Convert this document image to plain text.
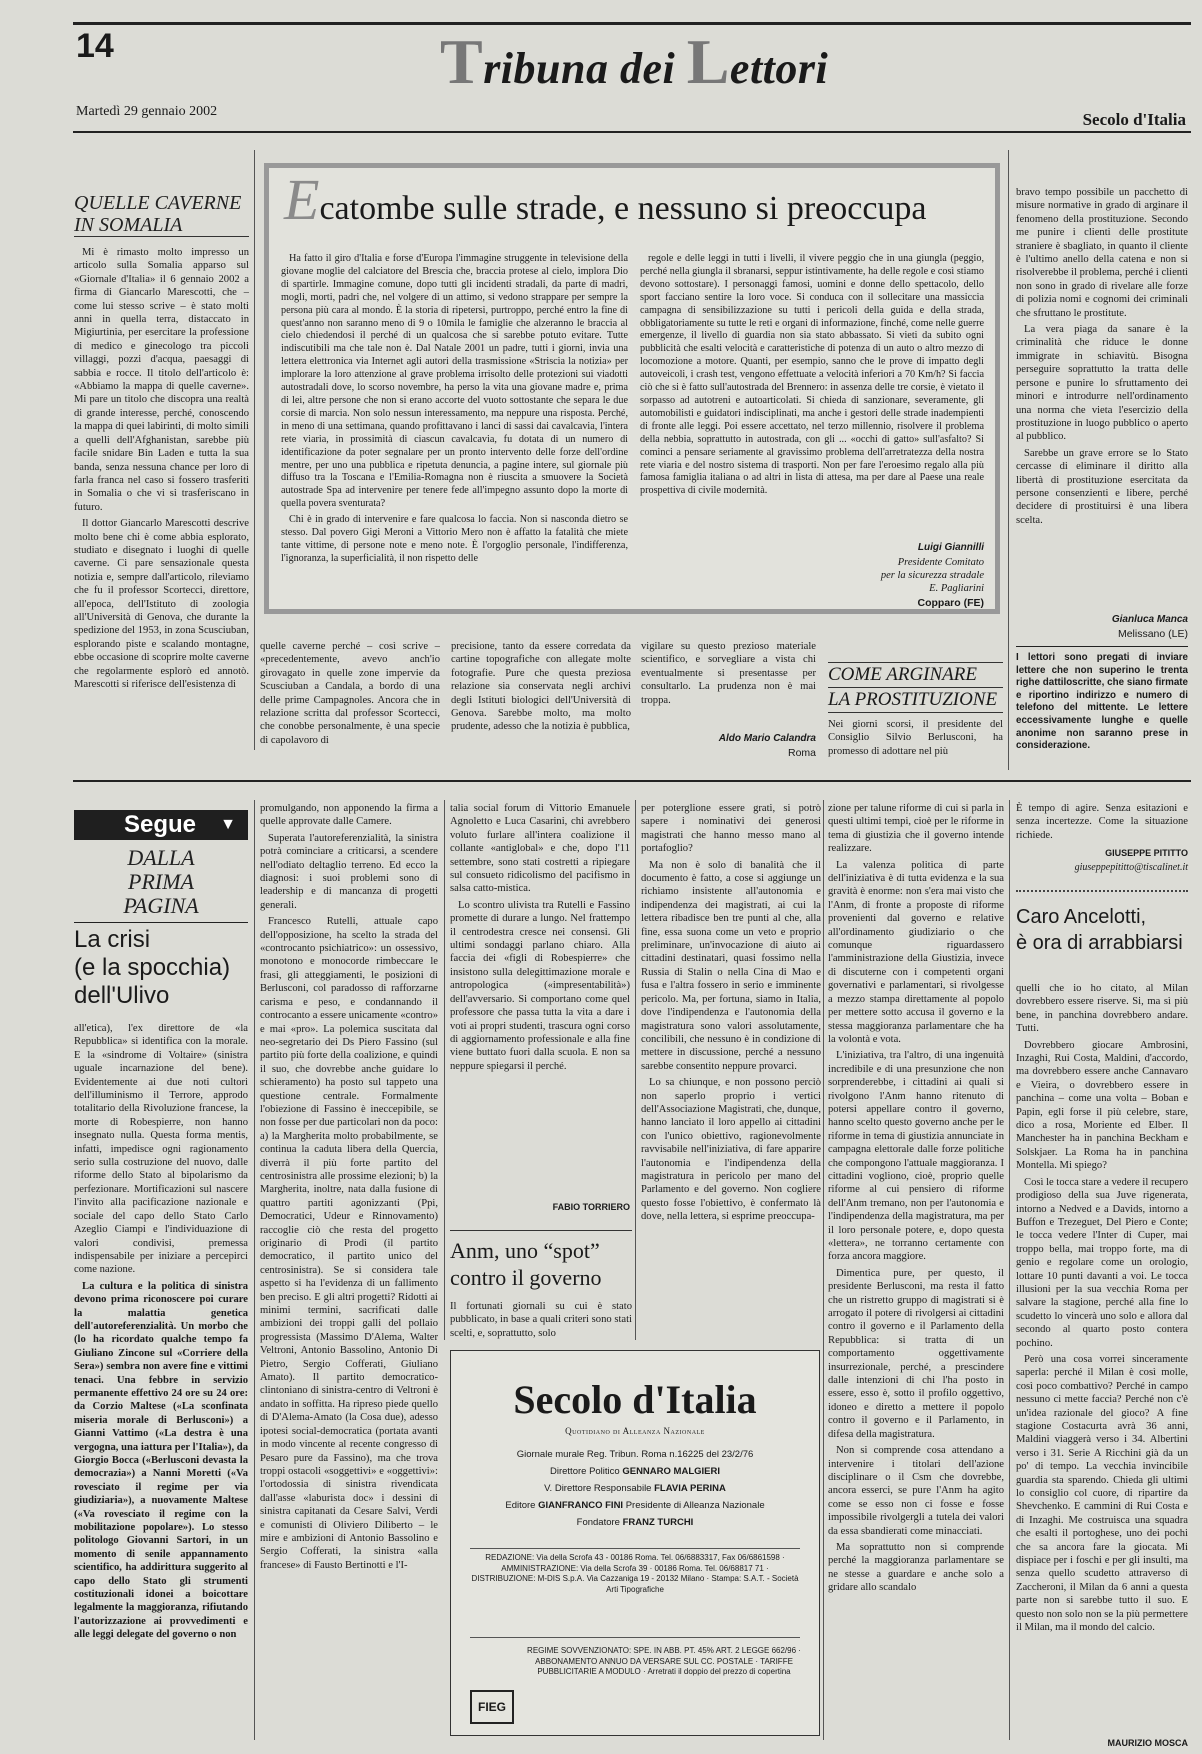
14	Tribuna dei Lettori
Martedì 29 gennaio 2002	Secolo d'Italia
QUELLE CAVERNE
IN SOMALIA

Mi è rimasto molto impresso un articolo sulla Somalia apparso sul «Giornale d'Italia» il 6 gennaio 2002 a firma di Giancarlo Marescotti, che – come lui stesso scrive – è stato molti anni in quella terra, distaccato in Migiurtinia, per esercitare la professione di medico e ginecologo tra piccoli villaggi, pozzi d'acqua, paesaggi di sabbia e rocce. Il titolo dell'articolo è: «Abbiamo la mappa di quelle caverne». Mi pare un titolo che discopra una realtà di grande interesse, perché, conoscendo la mappa di quei labirinti, di molto simili a quelli dell'Afghanistan, sarebbe più facile snidare Bin Laden e tutta la sua banda, senza nessuna chance per loro di farla franca nel caso si fossero trasferiti in Somalia o che vi si trasferiscano in futuro.

Il dottor Giancarlo Marescotti descrive molto bene chi è come abbia esplorato, studiato e disegnato i luoghi di quelle caverne. Ci pare sensazionale questa notizia e, sempre dall'articolo, rileviamo che fu il professor Scortecci, direttore, all'epoca, dell'Istituto di zoologia all'Università di Genova, che durante la spedizione del 1953, in zona Scusciuban, esplorando piste e scalando montagne, ebbe occasione di scoprire molte caverne che regolarmente esplorò ed annotò. Marescotti si riferisce dell'esistenza di

Ecatombe sulle strade, e nessuno si preoccupa

Ha fatto il giro d'Italia e forse d'Europa l'immagine struggente in televisione della giovane moglie del calciatore del Brescia che, braccia protese al cielo, implora Dio di spartirle. Immagine comune, dopo tutti gli incidenti stradali, da parte di madri, mogli, morti, padri che, nel volgere di un attimo, si vedono strappare per sempre la persona più cara al mondo. È la storia di ripetersi, purtroppo, perché entro la fine di quest'anno non saranno meno di 9 o 10mila le famiglie che alzeranno le braccia al cielo chiedendosi il perché di un qualcosa che si sarebbe potuto evitare. Tutte indiscutibili ma che tale non è. Dal Natale 2001 un padre, tutti i giorni, invia una lettera elettronica via Internet agli autori della trasmissione «Striscia la notizia» per implorare la loro attenzione al grave problema irrisolto delle protezioni sui viadotti autostradali dove, lo scorso novembre, ha perso la vita una giovane madre e, prima di lei, altre persone che non si erano accorte del vuoto sottostante che separa le due corsie di marcia. Non solo nessun interessamento, ma neppure una risposta. Perché, in meno di una settimana, quando profittavano i lanci di sassi dai cavalcavia, l'intera rete viaria, in prossimità di ciascun cavalcavia, fu dotata di un numero di identificazione da poter segnalare per un pronto intervento delle forze dell'ordine mentre, per uno una pubblica e ripetuta denuncia, a pagine intere, sul giornale più diffuso tra la Toscana e l'Emilia-Romagna non è riuscita a smuovere la Società autostrade Spa ad intervenire per tenere fede all'impegno assunto dopo la morte di quella povera sventurata?

Chi è in grado di intervenire e fare qualcosa lo faccia. Non si nasconda dietro se stesso. Dal povero Gigi Meroni a Vittorio Mero non è affatto la fatalità che miete tante vittime, di persone note e meno note. È l'orgoglio personale, l'indifferenza, l'ignoranza, la superficialità, il non rispetto delle

regole e delle leggi in tutti i livelli, il vivere peggio che in una giungla (peggio, perché nella giungla il sbranarsi, seppur istintivamente, ha delle regole e così stiamo devono sottostare). I personaggi famosi, uomini e donne dello spettacolo, dello sport facciano sentire la loro voce. Si conduca con il sollecitare una massiccia campagna di sensibilizzazione su tutti i pericoli della guida e della strada, obbligatoriamente su tutte le reti e organi di informazione, finché, come nelle guerre emergenze, il livello di guardia non sia stato abbassato. Si vieti da subito ogni pubblicità che esalti velocità e caratteristiche di potenza di un auto o altro mezzo di locomozione a motore. Quanti, per esempio, sanno che le prove di impatto degli autoveicoli, i crash test, vengono effettuate a velocità inferiori a 70 Km/h? Si faccia ciò che si è fatto sull'autostrada del Brennero: in assenza delle tre corsie, è vietato il sorpasso ad autotreni e autoarticolati. Si chieda di sanzionare, severamente, gli automobilisti e guidatori indisciplinati, ma anche i gestori delle strade inadempienti di fronte alle leggi. Poi essere accettato, nel terzo millennio, risolvere il problema della nebbia, soprattutto in autostrada, con gli ... «occhi di gatto» sull'asfalto? Si cominci a pensare seriamente al gravissimo problema dell'arretratezza della nostra rete viaria e del nostro sistema di trasporti. Non per fare l'eroesimo regalo alla più famosa famiglia italiana o ad altri in lista di attesa, ma per dare al Paese una reale prospettiva di civile modernità.

Luigi Giannilli
Presidente Comitato
per la sicurezza stradale
E. Pagliarini
Copparo (FE)

bravo tempo possibile un pacchetto di misure normative in grado di arginare il fenomeno della prostituzione. Secondo me punire i clienti delle prostitute straniere è sbagliato, in quanto il cliente è l'ultimo anello della catena e non si risolverebbe il problema, perché i clienti non sono in grado di rivelare alle forze di polizia nomi e cognomi dei criminali che sfruttano le prostitute.

La vera piaga da sanare è la criminalità che riduce le donne immigrate in schiavitù. Bisogna perseguire soprattutto la tratta delle persone e punire lo sfruttamento dei minori e introdurre nell'ordinamento una norma che vieta l'esercizio della prostituzione in luogo pubblico o aperto al pubblico.

Sarebbe un grave errore se lo Stato cercasse di eliminare il diritto alla libertà di prostituzione esercitata da persone consenzienti e libere, perché decidere di prostituirsi è una libera scelta.

Gianluca Manca
Melissano (LE)

I lettori sono pregati di inviare lettere che non superino le trenta righe dattiloscritte, che siano firmate e riportino indirizzo e numero di telefono del mittente. Le lettere eccessivamente lunghe e quelle anonime non saranno prese in considerazione.

quelle caverne perché – così scrive – «precedentemente, avevo anch'io girovagato in quelle zone impervie da Scusciuban a Candala, a bordo di una delle prime Campagnoles. Ancora che in relazione scritta dal professor Scortecci, che conobbe personalmente, è una specie di capolavoro di

precisione, tanto da essere corredata da cartine topografiche con allegate molte fotografie. Pure che questa preziosa relazione sia conservata negli archivi degli Istituti biologici dell'Università di Genova. Sarebbe molto, ma molto prudente, adesso che la notizia è pubblica,

vigilare su questo prezioso materiale scientifico, e sorvegliare a vista chi eventualmente si presentasse per consultarlo. La prudenza non è mai troppa.

Aldo Mario Calandra
Roma
COME ARGINARE
LA PROSTITUZIONE

Nei giorni scorsi, il presidente del Consiglio Silvio Berlusconi, ha promesso di adottare nel più

Segue ▼
DALLA
PRIMA
PAGINA
La crisi
(e la spocchia)
dell'Ulivo

all'etica), l'ex direttore de «la Repubblica» si identifica con la morale. E la «sindrome di Voltaire» (sinistra uguale incarnazione del bene). Evidentemente ai due noti cultori dell'illuminismo il Terrore, approdo totalitario della Rivoluzione francese, la morte di Robespierre, non hanno insegnato nulla. Questa forma mentis, infatti, impedisce ogni ragionamento serio sulla costruzione del nuovo, dalle riforme dello Stato al bipolarismo da perfezionare. Mortificazioni sul nascere l'invito alla pacificazione nazionale e sociale del capo dello Stato Carlo Azeglio Ciampi e l'individuazione di valori condivisi, premessa indispensabile per iniziare a percepirci come nazione.

La cultura e la politica di sinistra devono prima riconoscere poi curare la malattia genetica dell'autoreferenzialità. Un morbo che (lo ha ricordato qualche tempo fa Giuliano Zincone sul «Corriere della Sera») sembra non avere fine e vittimi tenaci. Una febbre in servizio permanente effettivo 24 ore su 24 ore: da Corzio Maltese («La sconfinata miseria morale di Berlusconi») a Gianni Vattimo («La destra è una vergogna, una iattura per l'Italia»), da Giorgio Bocca («Berlusconi devasta la democrazia») a Nanni Moretti («Va rovesciato il regime per via giudiziaria»), a nuovamente Maltese («Va rovesciato il regime con la mobilitazione popolare»). Lo stesso politologo Giovanni Sartori, in un momento di senile appannamento scientifico, ha addirittura suggerito al capo dello Stato gli strumenti costituzionali idonei a boicottare legalmente la maggioranza, rifiutando l'autorizzazione ai provvedimenti e alle leggi delegate del governo o non

promulgando, non apponendo la firma a quelle approvate dalle Camere.

Superata l'autoreferenzialità, la sinistra potrà cominciare a criticarsi, a scendere nell'odiato deltaglio terreno. Ed ecco la diagnosi: i suoi problemi sono di leadership e di mancanza di progetti generali.

Francesco Rutelli, attuale capo dell'opposizione, ha scelto la strada del «controcanto psichiatrico»: un ossessivo, monotono e monocorde rimbeccare le frasi, gli atteggiamenti, le posizioni di Berlusconi, col paradosso di rafforzarne carisma e peso, e condannando il controcanto a essere unicamente «contro» e mai «pro». La polemica suscitata dal neo-segretario dei Ds Piero Fassino (sul partito più forte della coalizione, e quindi il suo, che dovrebbe anche guidare lo schieramento) ha posto sul tappeto una questione centrale. Formalmente l'obiezione di Fassino è ineccepibile, se non fosse per due particolari non da poco: a) la Margherita molto probabilmente, se continua la caduta libera della Quercia, diverrà il più forte partito del centrosinistra alle prossime elezioni; b) la Margherita, inoltre, nata dalla fusione di quattro partiti agonizzanti (Ppi, Democratici, Udeur e Rinnovamento) raccoglie ciò che resta del progetto originario di Prodi (il partito democratico, il partito unico del centrosinistra). Se si considera tale aspetto si ha l'evidenza di un fallimento ben preciso. E gli altri progetti? Ridotti ai minimi termini, sacrificati dalle ambizioni dei troppi galli del pollaio progressista (Massimo D'Alema, Walter Veltroni, Antonio Bassolino, Antonio Di Pietro, Sergio Cofferati, Giuliano Amato). Il partito democratico-clintoniano di sinistra-centro di Veltroni è andato in soffitta. Ha ripreso piede quello di D'Alema-Amato (la Cosa due), adesso ipotesi social-democratica (portata avanti in modo vincente al recente congresso di Pesaro pure da Fassino), ma che trova troppi ostacoli «soggettivi» e «oggettivi»: l'ortodossia di sinistra rivendicata dall'asse «laburista doc» i dessini di sinistra capitanati da Cesare Salvi, Verdi e comunisti di Oliviero Diliberto – le mire e ambizioni di Antonio Bassolino e Sergio Cofferati, la sinistra «alla francese» di Fausto Bertinotti e l'I-

talia social forum di Vittorio Emanuele Agnoletto e Luca Casarini, chi avrebbero voluto furlare all'intera coalizione il collante «antiglobal» e che, dopo l'11 settembre, sono stati costretti a ripiegare sul consueto ridicolismo del pacifismo in salsa catto-mistica.

Lo scontro ulivista tra Rutelli e Fassino promette di durare a lungo. Nel frattempo il centrodestra cresce nei consensi. Gli ultimi sondaggi parlano chiaro. Alla faccia dei «figli di Robespierre» che insistono sulla delegittimazione morale e antropologica («impresentabilità») dell'avversario. Si comportano come quel professore che passa tutta la vita a dare i voti ai propri studenti, trascura ogni corso di aggiornamento professionale e alla fine viene buttato fuori dalla scuola. E non sa neppure spiegarsi il perché.

FABIO TORRIERO
Anm, uno “spot”
contro il governo

Il fortunati giornali su cui è stato pubblicato, in base a quali criteri sono stati scelti, e, soprattutto, solo

per poterglione essere grati, si potrò sapere i nominativi dei generosi magistrati che hanno messo mano al portafoglio?

Ma non è solo di banalità che il documento è fatto, a cose si aggiunge un richiamo insistente all'autonomia e indipendenza dei magistrati, ai cui la lettera ribadisce ben tre punti al che, alla fine, essa suona come un veto e proprio preliminare, un'invocazione di aiuto ai cittadini destinatari, quasi fossimo nella Russia di Stalin o nella Cina di Mao e fusa e l'altra fossero in serio e imminente pericolo. Ma, per fortuna, siamo in Italia, dove l'indipendenza e l'autonomia della magistratura sono valori assolutamente, concilibili, che nessuno è in condizione di mettere in discussione, perché a nessuno sarebbe consentito neppure provarci.

Lo sa chiunque, e non possono perciò non saperlo proprio i vertici dell'Associazione Magistrati, che, dunque, hanno lanciato il loro appello ai cittadini con l'unico obiettivo, ragionevolmente ravvisabile nell'iniziativa, di fare apparire l'autonomia e l'indipendenza della magistratura in pericolo per mano del Parlamento e del governo. Non cogliere questo fosse l'obiettivo, è confermato là dove, nella lettera, si esprime preoccupa-

zione per talune riforme di cui si parla in questi ultimi tempi, cioè per le riforme in tema di giustizia che il governo intende realizzare.

La valenza politica di parte dell'iniziativa è di tutta evidenza e la sua gravità è enorme: non s'era mai visto che l'Anm, di fronte a proposte di riforme provenienti dal governo e relative all'ordinamento giudiziario o che comunque riguardassero l'amministrazione della Giustizia, invece di discuterne con i competenti organi governativi e parlamentari, si rivolgesse a mezzo stampa direttamente al popolo per mettere sotto accusa il governo e la stessa maggioranza parlamentare che ha la volontà e vota.

L'iniziativa, tra l'altro, di una ingenuità incredibile e di una presunzione che non sorprenderebbe, i cittadini ai quali si rivolgono l'Anm hanno ritenuto di potersi appellare contro il governo, hanno scelto questo governo anche per le riforme in tema di giustizia annunciate in campagna elettorale dalle forze politiche che compongono l'attuale maggioranza. I cittadini vogliono, cioè, proprio quelle riforme al cui pensiero di riforme dell'Anm tremano, non per l'autonomia e l'indipendenza della magistratura, ma per il loro personale potere, e, dopo questa «lettera», ne torranno certamente con forza ancora maggiore.

Dimentica pure, per questo, il presidente Berlusconi, ma resta il fatto che un ristretto gruppo di magistrati si è arrogato il potere di rivolgersi ai cittadini contro il governo e il Parlamento della Repubblica: si tratta di un comportamento oggettivamente insurrezionale, perché, a prescindere dalle intenzioni di chi l'ha posto in essere, esso è, sotto il profilo oggettivo, idoneo e diretto a mettere il popolo contro il governo e il Parlamento, in difesa della magistratura.

Non si comprende cosa attendano a intervenire i titolari dell'azione disciplinare o il Csm che dovrebbe, ancora esserci, se pure l'Anm ha agito come se esso non ci fosse e fosse impossibile rivolgergli a tutela dei valori da essa sbandierati come minacciati.

Ma soprattutto non si comprende perché la maggioranza parlamentare se ne stesse a guardare e anche solo a gridare allo scandalo

Secolo d'Italia
Quotidiano di Alleanza Nazionale
Giornale murale Reg. Tribun. Roma n.16225 del 23/2/76
Direttore Politico GENNARO MALGIERI
V. Direttore Responsabile FLAVIA PERINA
Editore GIANFRANCO FINI Presidente di Alleanza Nazionale
Fondatore FRANZ TURCHI
REDAZIONE: Via della Scrofa 43 - 00186 Roma. Tel. 06/6883317, Fax 06/6861598 · AMMINISTRAZIONE: Via della Scrofa 39 · 00186 Roma. Tel. 06/68817 71 · DISTRIBUZIONE: M-DIS S.p.A. Via Cazzaniga 19 - 20132 Milano · Stampa: S.A.T. - Società Arti Tipografiche
FIEG
REGIME SOVVENZIONATO: SPE. IN ABB. PT. 45% ART. 2 LEGGE 662/96 · ABBONAMENTO ANNUO DA VERSARE SUL CC. POSTALE · TARIFFE PUBBLICITARIE A MODULO · Arretrati il doppio del prezzo di copertina

È tempo di agire. Senza esitazioni e senza incertezze. Come la situazione richiede.

GIUSEPPE PITITTO
giuseppepititto@tiscalinet.it
Caro Ancelotti,
è ora di arrabbiarsi

quelli che io ho citato, al Milan dovrebbero essere riserve. Si, ma sì più bene, in panchina dovrebbero andare. Tutti.

Dovrebbero giocare Ambrosini, Inzaghi, Rui Costa, Maldini, d'accordo, ma dovrebbero essere anche Cannavaro e Vieira, o dovrebbero essere in panchina – come una volta – Boban e Papin, egli forse il più celebre, stare, dico a rosa, Moriente ed Elber. Il Manchester ha in panchina Beckham e Solskjaer. La Roma ha in panchina Montella. Mi spiego?

Così le tocca stare a vedere il recupero prodigioso della sua Juve rigenerata, intorno a Nedved e a Davids, intorno a Buffon e Trezeguet, Del Piero e Conte; le tocca vedere l'Inter di Cuper, mai troppo bella, mai troppo forte, ma di genio e regolare come un orologio, lottare 10 punti davanti a voi. Le tocca illusioni per la sua vecchia Roma per salvare la stagione, perché alla fine lo scudetto lo vincerà uno solo e allora dal secondo al quarto posto contera pochino.

Però una cosa vorrei sinceramente saperla: perché il Milan è così molle, così poco combattivo? Perché in campo nessuno ci mette faccia? Perché non c'è un'idea razionale del gioco? A fine stagione Costacurta avrà 36 anni, Maldini viaggerà verso i 34. Albertini verso i 31. Serie A Ricchini già da un po' di tempo. La vecchia invincibile guardia sta sparendo. Chieda gli ultimi lo consiglio col cuore, di ripartire da Shevchenko. E cammini di Rui Costa e di Inzaghi. Me costruisca una squadra che esalti il portoghese, uno dei pochi che sa ancora fare la giocata. Mi dispiace per i foschi e per gli insulti, ma senza quello scudetto attraverso di Zaccheroni, il Milan da 6 anni a questa parte non si sarebbe tutto il suo. E questo non solo non se la più permettere il Milan, ma il mondo del calcio.

MAURIZIO MOSCA
